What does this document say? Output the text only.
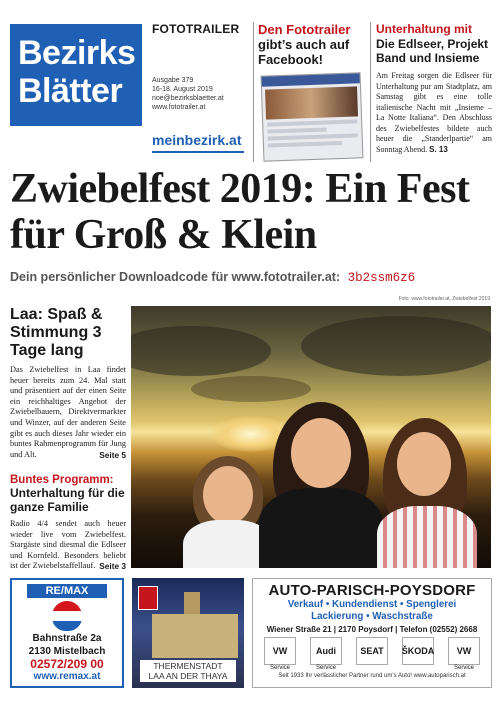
Bezirks
Blätter
FOTOTRAILER
Ausgabe 379
16-18. August 2019
noe@bezirksblaetter.at
www.fototrailer.at
meinbezirk.at
Den Fototrailer
gibt’s auch auf
Facebook!
Unterhaltung mit
Die Edlseer, Projekt Band und Insieme
Am Freitag sorgen die Edlseer für Unterhaltung pur am Stadtplatz, am Samstag gibt es eine tolle italienische Nacht mit „Insieme – La Notte Italiana“. Den Abschluss des Zwiebelfestes bildete auch heuer die „Standerlpartie“ am Sonntag Abend. S. 13
Zwiebelfest 2019: Ein Fest für Groß & Klein
Dein persönlicher Downloadcode für www.fototrailer.at: 3b2ssm6z6
Foto: www.fototrailer.at, Zwiebelfest 2019
Laa: Spaß & Stimmung 3 Tage lang
Das Zwiebelfest in Laa findet heuer bereits zum 24. Mal statt und präsentiert auf der einen Seite ein reichhaltiges Angebot der Zwiebelbauern, Direktvermarkter und Winzer, auf der anderen Seite gibt es auch dieses Jahr wieder ein buntes Rahmenprogramm für Jung und Alt.	Seite 5
Buntes Programm:
Unterhaltung für die ganze Familie
Radio 4/4 sendet auch heuer wieder live vom Zwiebelfest. Stargäste sind diesmal die Edlseer und Kornfeld. Besonders beliebt ist der Zwiebelstaffellauf. Seite 3
RE/MAX
Bahnstraße 2a
2130 Mistelbach
02572/209 00
www.remax.at
THERMENSTADT
LAA AN DER THAYA
AUTO-PARISCH-POYSDORF
Verkauf • Kundendienst • Spenglerei
Lackierung • Waschstraße
Wiener Straße 21 | 2170 Poysdorf | Telefon (02552) 2668
VW
Service
Audi
Service
SEAT	ŠKODA	VW
Service
Seit 1933 Ihr verlässlicher Partner rund um’s Auto! www.autoparisch.at
